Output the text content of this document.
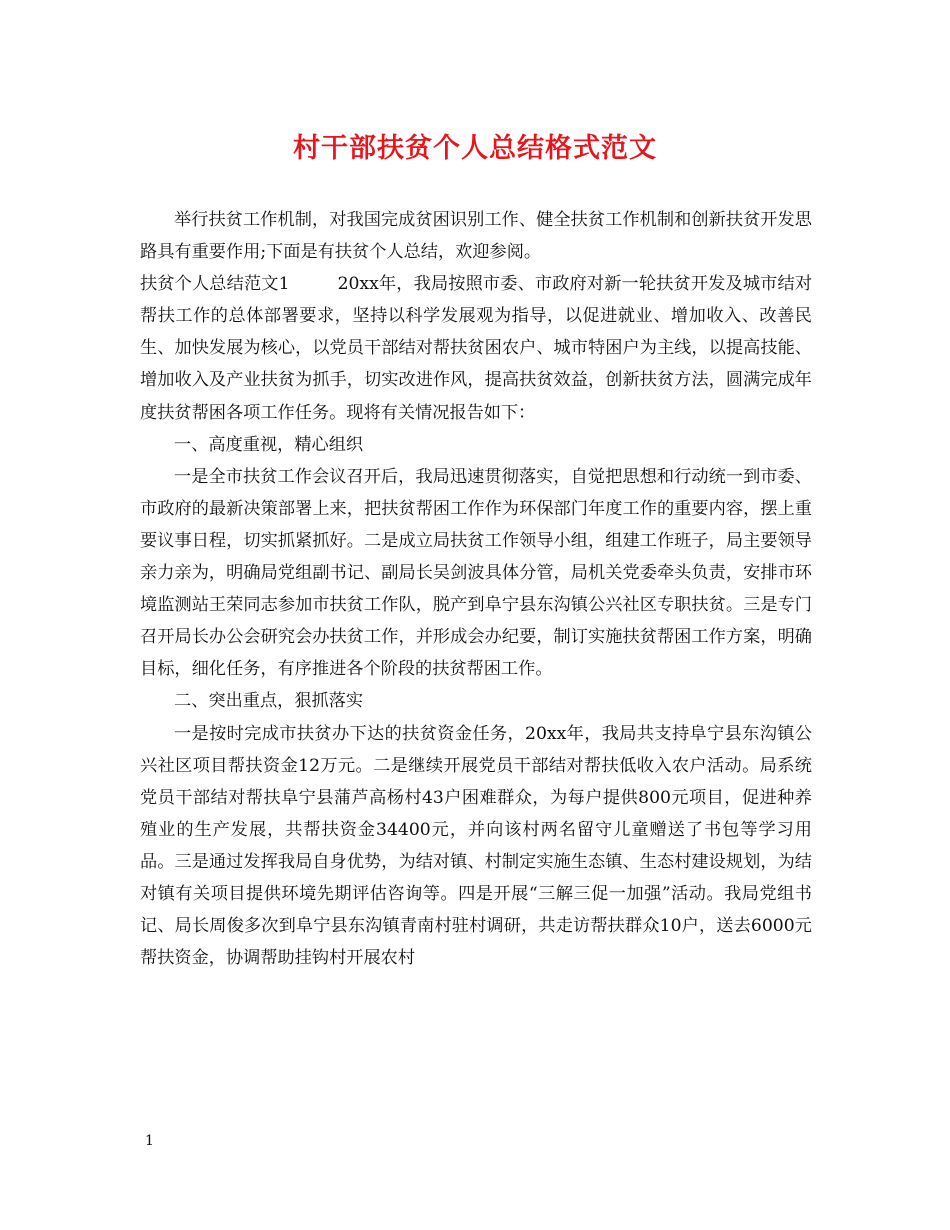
村干部扶贫个人总结格式范文

举行扶贫工作机制，对我国完成贫困识别工作、健全扶贫工作机制和创新扶贫开发思路具有重要作用;下面是有扶贫个人总结，欢迎参阅。

扶贫个人总结范文1	20xx年，我局按照市委、市政府对新一轮扶贫开发及城市结对帮扶工作的总体部署要求，坚持以科学发展观为指导，以促进就业、增加收入、改善民生、加快发展为核心，以党员干部结对帮扶贫困农户、城市特困户为主线，以提高技能、增加收入及产业扶贫为抓手，切实改进作风，提高扶贫效益，创新扶贫方法，圆满完成年度扶贫帮困各项工作任务。现将有关情况报告如下：

一、高度重视，精心组织

一是全市扶贫工作会议召开后，我局迅速贯彻落实，自觉把思想和行动统一到市委、市政府的最新决策部署上来，把扶贫帮困工作作为环保部门年度工作的重要内容，摆上重要议事日程，切实抓紧抓好。二是成立局扶贫工作领导小组，组建工作班子，局主要领导亲力亲为，明确局党组副书记、副局长吴剑波具体分管，局机关党委牵头负责，安排市环境监测站王荣同志参加市扶贫工作队，脱产到阜宁县东沟镇公兴社区专职扶贫。三是专门召开局长办公会研究会办扶贫工作，并形成会办纪要，制订实施扶贫帮困工作方案，明确目标，细化任务，有序推进各个阶段的扶贫帮困工作。

二、突出重点，狠抓落实

一是按时完成市扶贫办下达的扶贫资金任务，20xx年，我局共支持阜宁县东沟镇公兴社区项目帮扶资金12万元。二是继续开展党员干部结对帮扶低收入农户活动。局系统党员干部结对帮扶阜宁县蒲芦高杨村43户困难群众，为每户提供800元项目，促进种养殖业的生产发展，共帮扶资金34400元，并向该村两名留守儿童赠送了书包等学习用品。三是通过发挥我局自身优势，为结对镇、村制定实施生态镇、生态村建设规划，为结对镇有关项目提供环境先期评估咨询等。四是开展“三解三促一加强”活动。我局党组书记、局长周俊多次到阜宁县东沟镇青南村驻村调研，共走访帮扶群众10户，送去6000元帮扶资金，协调帮助挂钩村开展农村

1
